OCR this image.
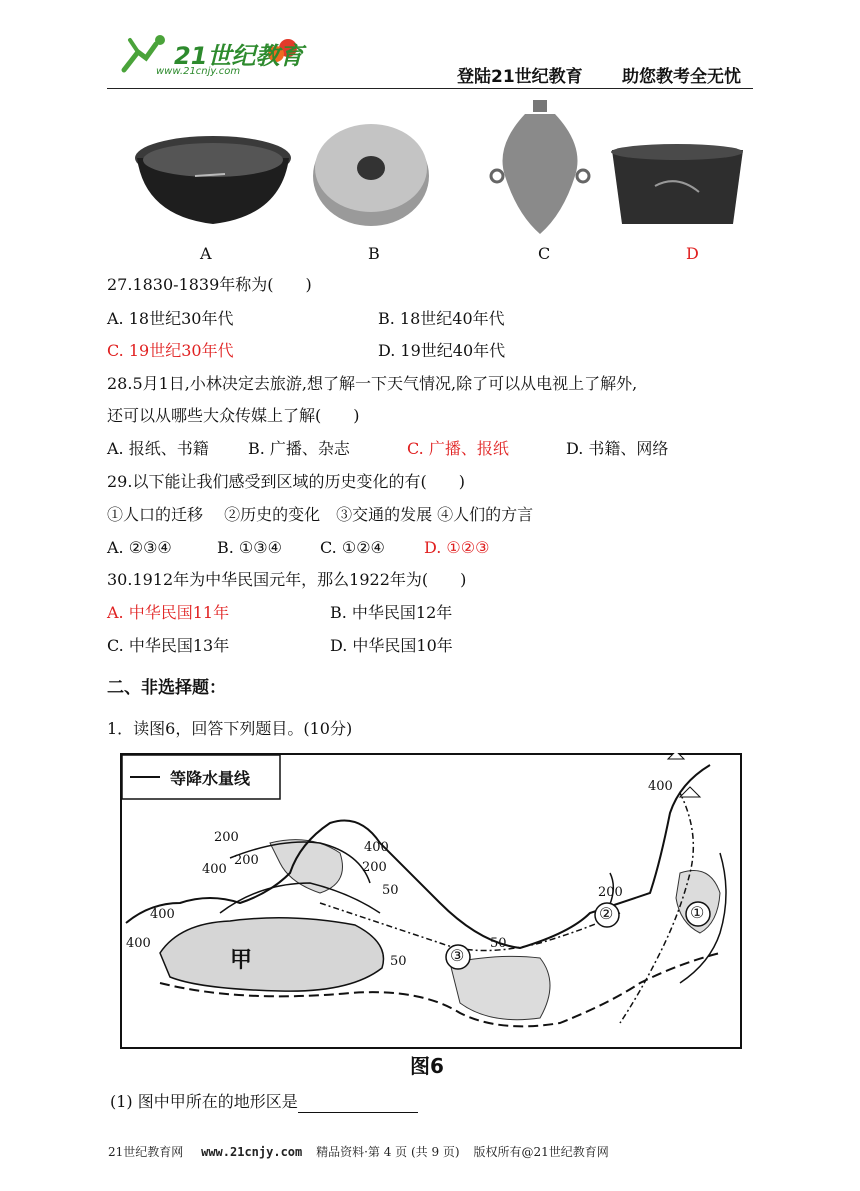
21世纪教育
www.21cnjy.com	登陆21世纪教育 助您教考全无忧
A	B	C	D
27.1830-1839年称为(　　)
A. 18世纪30年代	B. 18世纪40年代
C. 19世纪30年代	D. 19世纪40年代
28.5月1日,小林决定去旅游,想了解一下天气情况,除了可以从电视上了解外,
还可以从哪些大众传媒上了解(　　)
A. 报纸、书籍 B. 广播、杂志	C. 广播、报纸	D. 书籍、网络
29.以下能让我们感受到区域的历史变化的有(　　)
①人口的迁移　 ②历史的变化　③交通的发展 ④人们的方言
A. ②③④	B. ①③④ C. ①②④ D. ①②③
30.1912年为中华民国元年，那么1922年为(　　)
A. 中华民国11年	B. 中华民国12年
C. 中华民国13年	D. 中华民国10年
二、非选择题：
1．读图6，回答下列题目。(10分)
等降水量线
甲
①
②
③
400
400
400
400
400
200
200	200
200
50
50
50
图6
(1) 图中甲所在的地形区是
21世纪教育网 www.21cnjy.com 精品资料·第 4 页 (共 9 页) 版权所有@21世纪教育网
